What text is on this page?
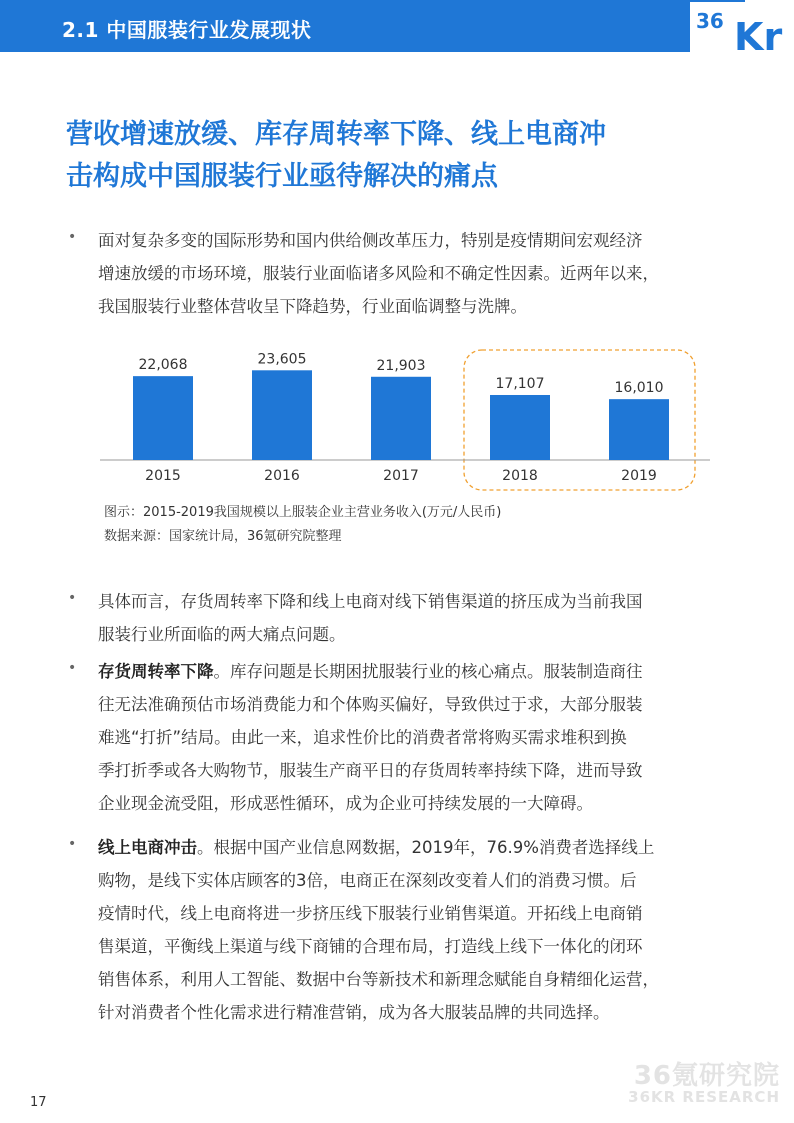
2.1 中国服装行业发展现状	36 Kr
营收增速放缓、库存周转率下降、线上电商冲
击构成中国服装行业亟待解决的痛点
• 面对复杂多变的国际形势和国内供给侧改革压力，特别是疫情期间宏观经济
增速放缓的市场环境，服装行业面临诸多风险和不确定性因素。近两年以来，
我国服装行业整体营收呈下降趋势，行业面临调整与洗牌。
22,068
2015
23,605
2016
21,903
2017
17,107
2018
16,010
2019
图示：2015-2019我国规模以上服装企业主营业务收入(万元/人民币)
数据来源：国家统计局，36氪研究院整理
• 具体而言，存货周转率下降和线上电商对线下销售渠道的挤压成为当前我国
服装行业所面临的两大痛点问题。
• 存货周转率下降。库存问题是长期困扰服装行业的核心痛点。服装制造商往
往无法准确预估市场消费能力和个体购买偏好，导致供过于求，大部分服装
难逃“打折”结局。由此一来，追求性价比的消费者常将购买需求堆积到换
季打折季或各大购物节，服装生产商平日的存货周转率持续下降，进而导致
企业现金流受阻，形成恶性循环，成为企业可持续发展的一大障碍。
• 线上电商冲击。根据中国产业信息网数据，2019年，76.9%消费者选择线上
购物，是线下实体店顾客的3倍，电商正在深刻改变着人们的消费习惯。后
疫情时代，线上电商将进一步挤压线下服装行业销售渠道。开拓线上电商销
售渠道，平衡线上渠道与线下商铺的合理布局，打造线上线下一体化的闭环
销售体系，利用人工智能、数据中台等新技术和新理念赋能自身精细化运营，
针对消费者个性化需求进行精准营销，成为各大服装品牌的共同选择。
36氪研究院
36KR RESEARCH
17
